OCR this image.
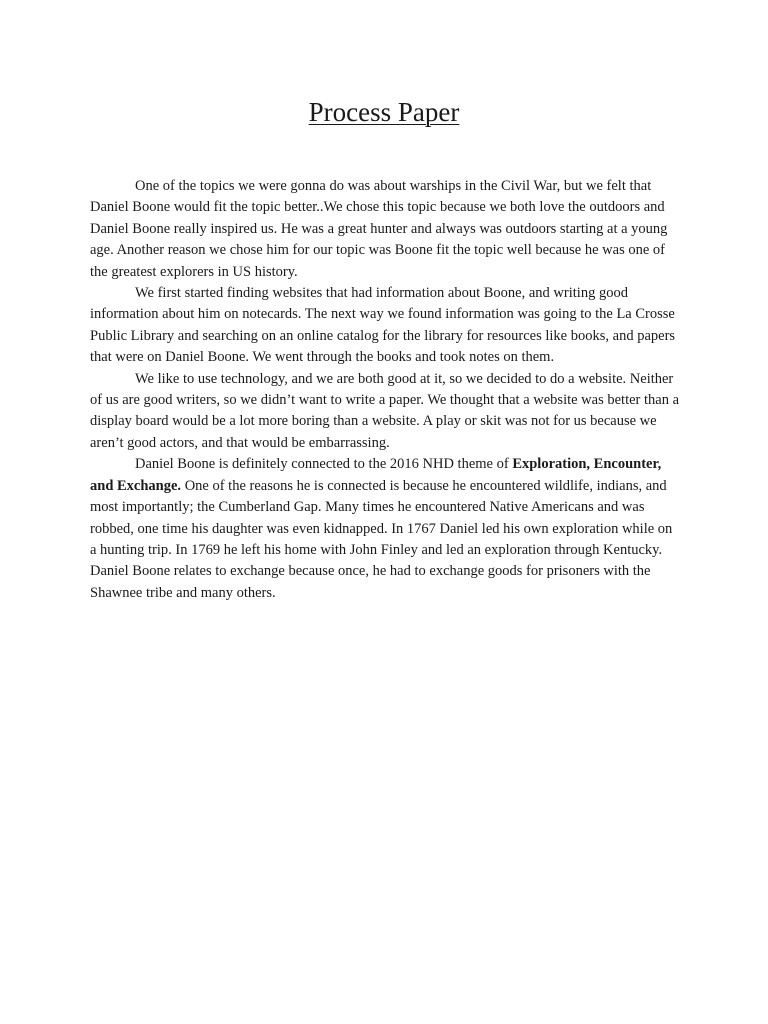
Process Paper

One of the topics we were gonna do was about warships in the Civil War, but we felt that Daniel Boone would fit the topic better..We chose this topic because we both love the outdoors and Daniel Boone really inspired us. He was a great hunter and always was outdoors starting at a young age. Another reason we chose him for our topic was Boone fit the topic well because he was one of the greatest explorers in US history.

We first started finding websites that had information about Boone, and writing good information about him on notecards. The next way we found information was going to the La Crosse Public Library and searching on an online catalog for the library for resources like books, and papers that were on Daniel Boone. We went through the books and took notes on them.

We like to use technology, and we are both good at it, so we decided to do a website. Neither of us are good writers, so we didn’t want to write a paper. We thought that a website was better than a display board would be a lot more boring than a website. A play or skit was not for us because we aren’t good actors, and that would be embarrassing.

Daniel Boone is definitely connected to the 2016 NHD theme of Exploration, Encounter, and Exchange. One of the reasons he is connected is because he encountered wildlife, indians, and most importantly; the Cumberland Gap. Many times he encountered Native Americans and was robbed, one time his daughter was even kidnapped. In 1767 Daniel led his own exploration while on a hunting trip. In 1769 he left his home with John Finley and led an exploration through Kentucky. Daniel Boone relates to exchange because once, he had to exchange goods for prisoners with the Shawnee tribe and many others.
